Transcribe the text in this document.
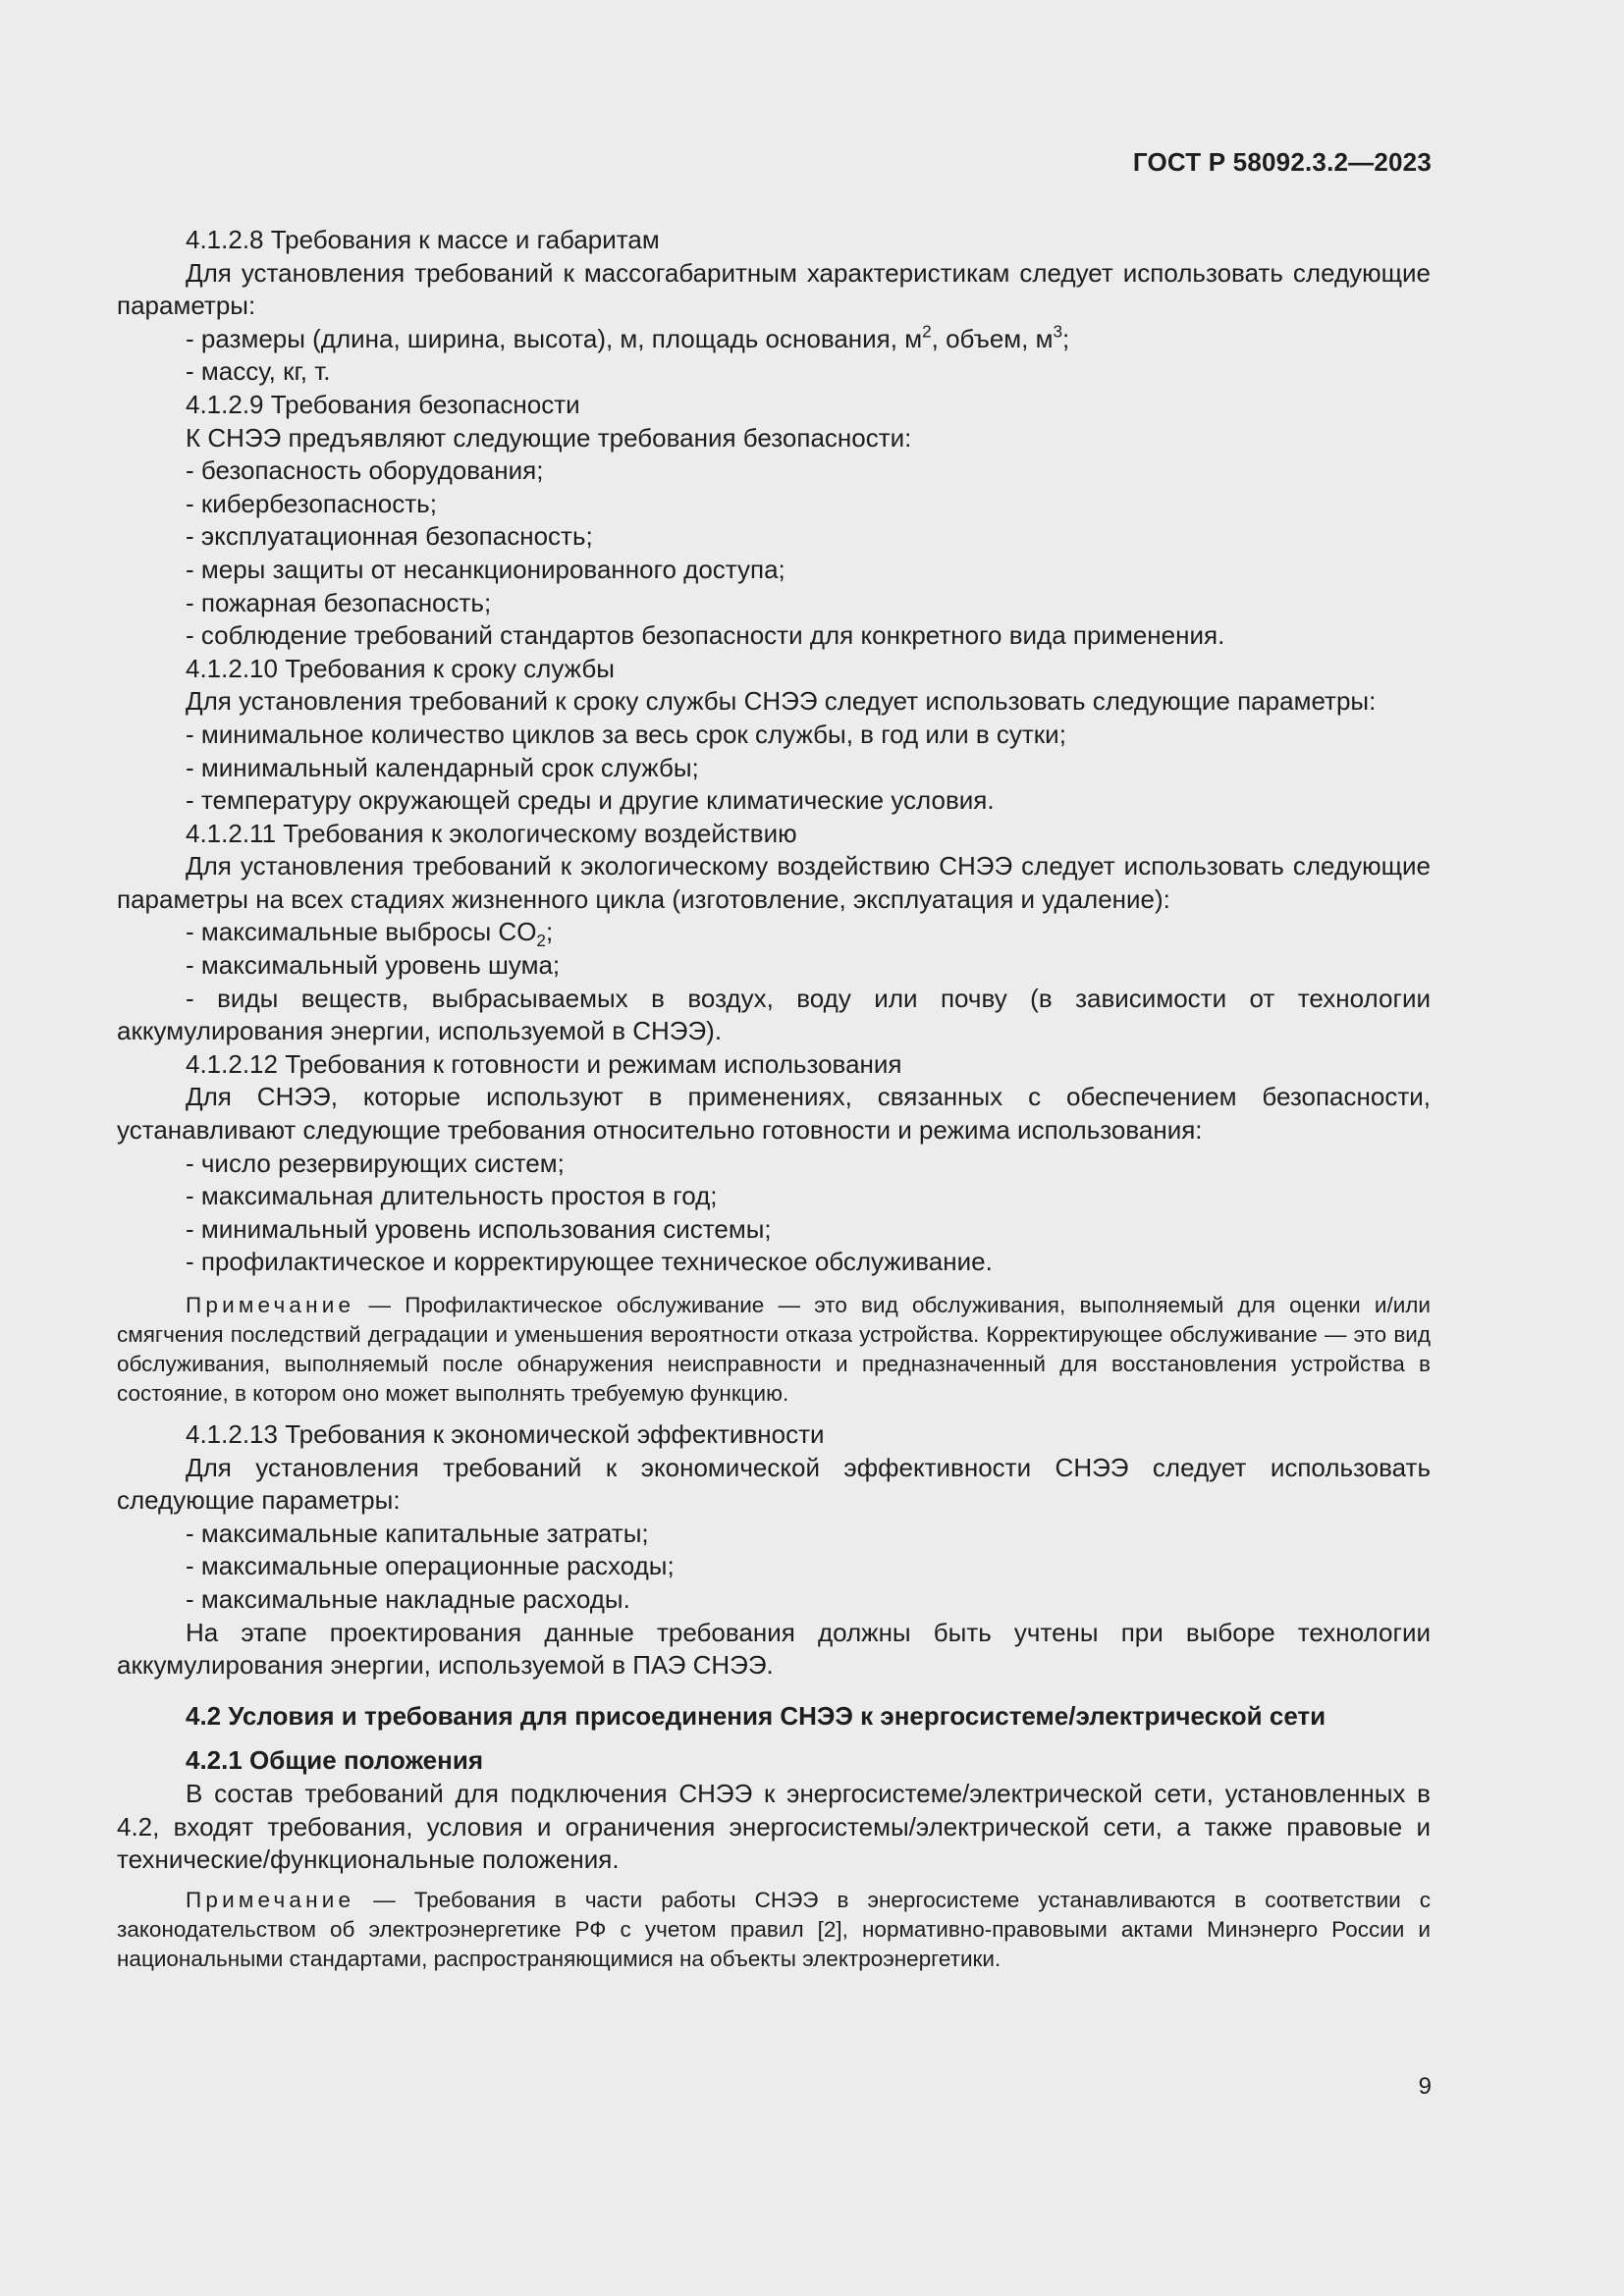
ГОСТ Р 58092.3.2—2023

4.1.2.8 Требования к массе и габаритам

Для установления требований к массогабаритным характеристикам следует использовать следующие параметры:

- размеры (длина, ширина, высота), м, площадь основания, $м^2$, объем, $м^3$;

- массу, кг, т.

4.1.2.9 Требования безопасности

К СНЭЭ предъявляют следующие требования безопасности:

- безопасность оборудования;

- кибербезопасность;

- эксплуатационная безопасность;

- меры защиты от несанкционированного доступа;

- пожарная безопасность;

- соблюдение требований стандартов безопасности для конкретного вида применения.

4.1.2.10 Требования к сроку службы

Для установления требований к сроку службы СНЭЭ следует использовать следующие параметры:

- минимальное количество циклов за весь срок службы, в год или в сутки;

- минимальный календарный срок службы;

- температуру окружающей среды и другие климатические условия.

4.1.2.11 Требования к экологическому воздействию

Для установления требований к экологическому воздействию СНЭЭ следует использовать следующие параметры на всех стадиях жизненного цикла (изготовление, эксплуатация и удаление):

- максимальные выбросы $CO_2$;

- максимальный уровень шума;

- виды веществ, выбрасываемых в воздух, воду или почву (в зависимости от технологии аккумулирования энергии, используемой в СНЭЭ).

4.1.2.12 Требования к готовности и режимам использования

Для СНЭЭ, которые используют в применениях, связанных с обеспечением безопасности, устанавливают следующие требования относительно готовности и режима использования:

- число резервирующих систем;

- максимальная длительность простоя в год;

- минимальный уровень использования системы;

- профилактическое и корректирующее техническое обслуживание.

Примечание — Профилактическое обслуживание — это вид обслуживания, выполняемый для оценки и/или смягчения последствий деградации и уменьшения вероятности отказа устройства. Корректирующее обслуживание — это вид обслуживания, выполняемый после обнаружения неисправности и предназначенный для восстановления устройства в состояние, в котором оно может выполнять требуемую функцию.

4.1.2.13 Требования к экономической эффективности

Для установления требований к экономической эффективности СНЭЭ следует использовать следующие параметры:

- максимальные капитальные затраты;

- максимальные операционные расходы;

- максимальные накладные расходы.

На этапе проектирования данные требования должны быть учтены при выборе технологии аккумулирования энергии, используемой в ПАЭ СНЭЭ.

4.2 Условия и требования для присоединения СНЭЭ к энергосистеме/электрической сети

4.2.1 Общие положения

В состав требований для подключения СНЭЭ к энергосистеме/электрической сети, установленных в 4.2, входят требования, условия и ограничения энергосистемы/электрической сети, а также правовые и технические/функциональные положения.

Примечание — Требования в части работы СНЭЭ в энергосистеме устанавливаются в соответствии с законодательством об электроэнергетике РФ с учетом правил [2], нормативно-правовыми актами Минэнерго России и национальными стандартами, распространяющимися на объекты электроэнергетики.

9
